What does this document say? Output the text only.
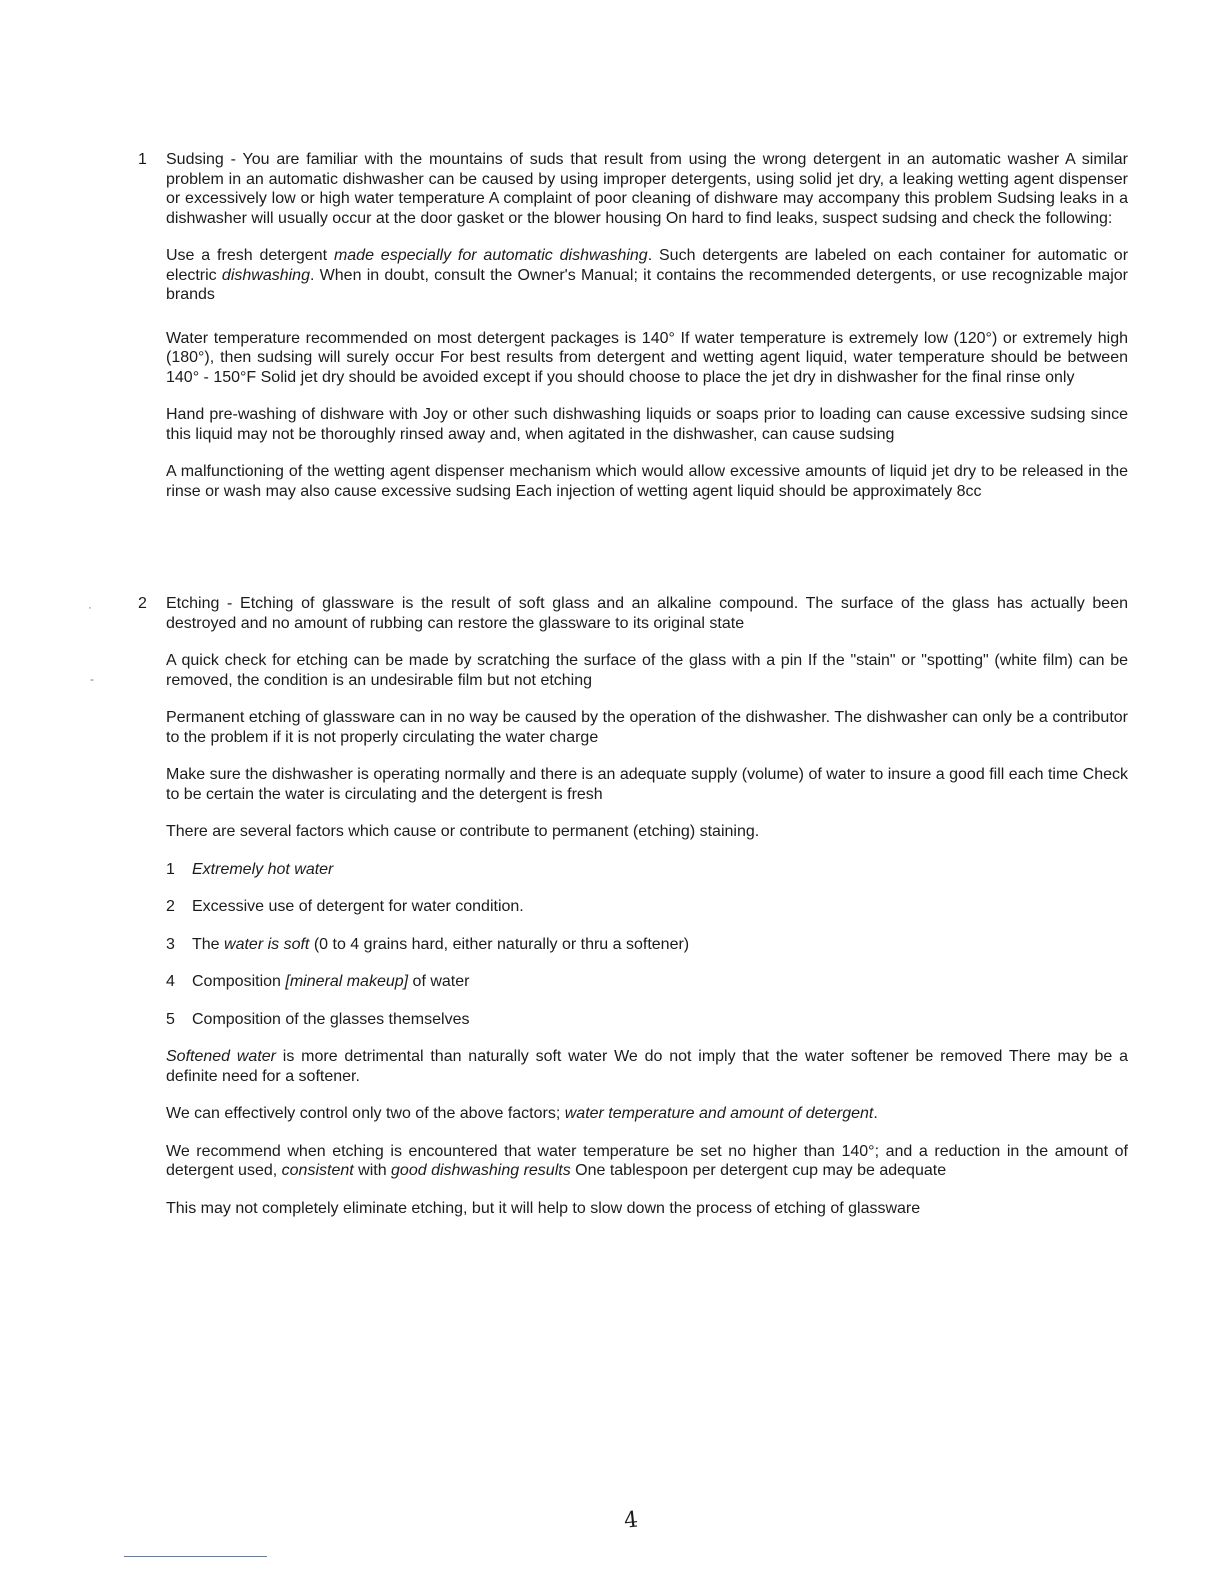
1 Sudsing - You are familiar with the mountains of suds that result from using the wrong detergent in an automatic washer A similar problem in an automatic dishwasher can be caused by using improper detergents, using solid jet dry, a leaking wetting agent dispenser or excessively low or high water temperature A complaint of poor cleaning of dishware may accompany this problem Sudsing leaks in a dishwasher will usually occur at the door gasket or the blower housing On hard to find leaks, suspect sudsing and check the following:

Use a fresh detergent made especially for automatic dishwashing. Such detergents are labeled on each container for automatic or electric dishwashing. When in doubt, consult the Owner's Manual; it contains the recommended detergents, or use recognizable major brands

Water temperature recommended on most detergent packages is 140° If water temperature is extremely low (120°) or extremely high (180°), then sudsing will surely occur For best results from detergent and wetting agent liquid, water temperature should be between 140° - 150°F Solid jet dry should be avoided except if you should choose to place the jet dry in dishwasher for the final rinse only

Hand pre-washing of dishware with Joy or other such dishwashing liquids or soaps prior to loading can cause excessive sudsing since this liquid may not be thoroughly rinsed away and, when agitated in the dishwasher, can cause sudsing

A malfunctioning of the wetting agent dispenser mechanism which would allow excessive amounts of liquid jet dry to be released in the rinse or wash may also cause excessive sudsing Each injection of wetting agent liquid should be approximately 8cc

2 Etching - Etching of glassware is the result of soft glass and an alkaline compound. The surface of the glass has actually been destroyed and no amount of rubbing can restore the glassware to its original state

A quick check for etching can be made by scratching the surface of the glass with a pin If the "stain" or "spotting" (white film) can be removed, the condition is an undesirable film but not etching

Permanent etching of glassware can in no way be caused by the operation of the dishwasher. The dishwasher can only be a contributor to the problem if it is not properly circulating the water charge

Make sure the dishwasher is operating normally and there is an adequate supply (volume) of water to insure a good fill each time Check to be certain the water is circulating and the detergent is fresh

There are several factors which cause or contribute to permanent (etching) staining.

1 Extremely hot water
2 Excessive use of detergent for water condition.
3 The water is soft (0 to 4 grains hard, either naturally or thru a softener)
4 Composition [mineral makeup] of water
5 Composition of the glasses themselves

Softened water is more detrimental than naturally soft water We do not imply that the water softener be removed There may be a definite need for a softener.

We can effectively control only two of the above factors; water temperature and amount of detergent.

We recommend when etching is encountered that water temperature be set no higher than 140°; and a reduction in the amount of detergent used, consistent with good dishwashing results One tablespoon per detergent cup may be adequate

This may not completely eliminate etching, but it will help to slow down the process of etching of glassware

·
-
4
